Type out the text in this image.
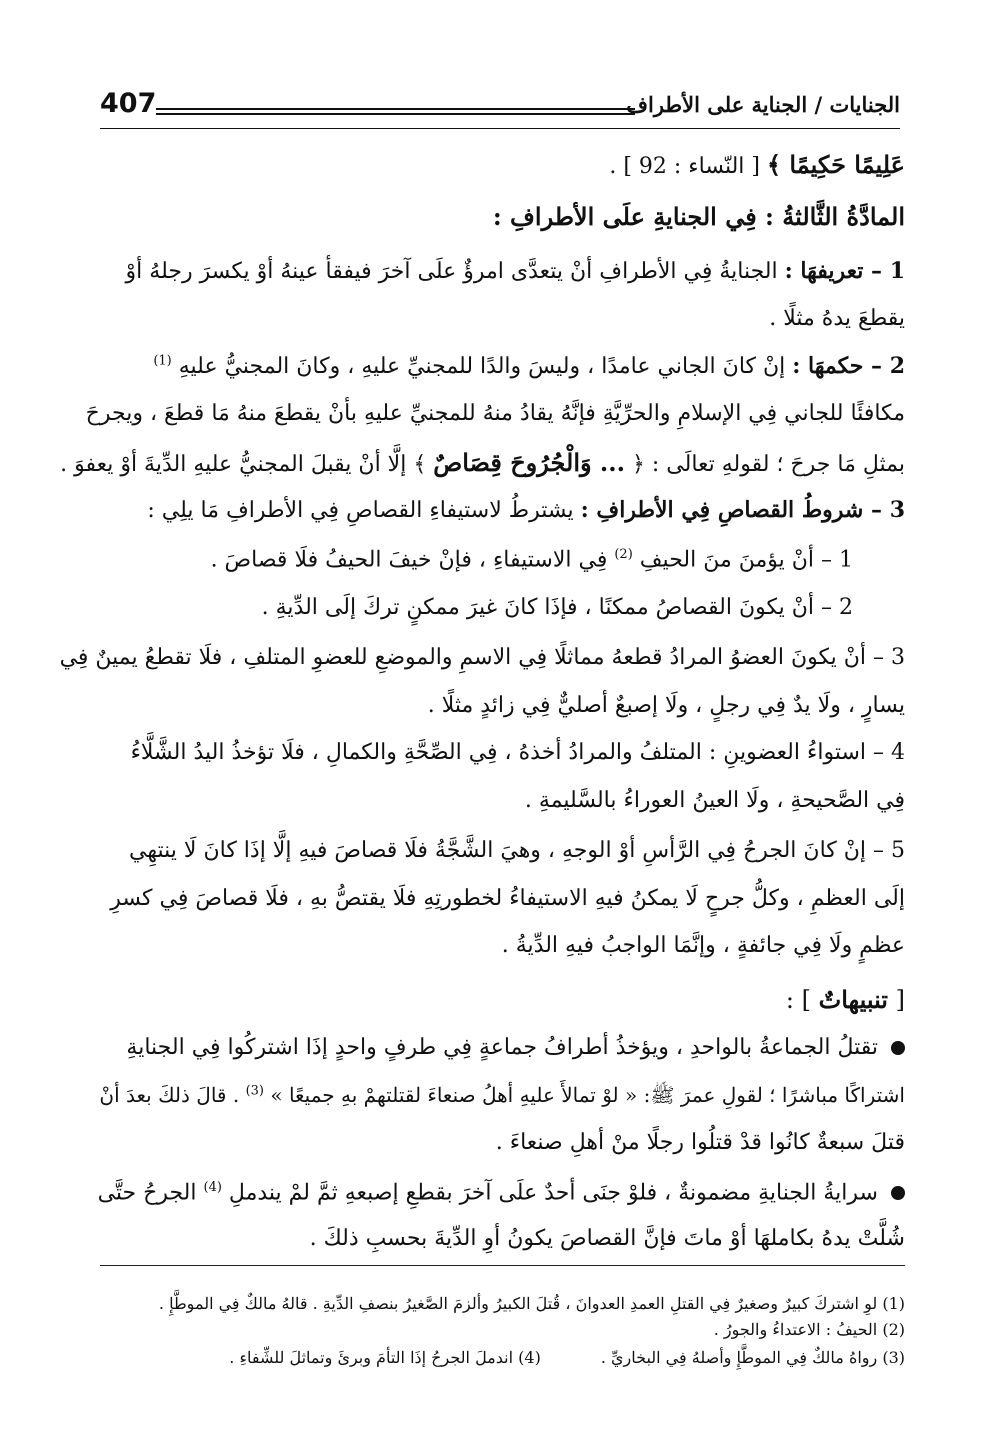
الجنايات / الجناية على الأطراف
407
عَلِيمًا حَكِيمًا ﴾ [ النّساء : 92 ] .
المادَّةُ الثَّالثةُ : فِي الجنايةِ علَى الأطرافِ :
1 – تعريفهَا : الجنايةُ فِي الأطرافِ أنْ يتعدَّى امرؤٌ علَى آخرَ فيفقأ عينهُ أوْ يكسرَ رجلهُ أوْ
يقطعَ يدهُ مثلًا .
2 – حكمهَا : إنْ كانَ الجاني عامدًا ، وليسَ والدًا للمجنيِّ عليهِ ، وكانَ المجنيُّ عليهِ $^{(1)}$
مكافئًا للجاني فِي الإسلامِ والحرِّيَّةِ فإنَّهُ يقادُ منهُ للمجنيِّ عليهِ بأنْ يقطعَ منهُ مَا قطعَ ، ويجرحَ
بمثلِ مَا جرحَ ؛ لقولهِ تعالَى : ﴿ ... وَالْجُرُوحَ قِصَاصٌ ﴾ إلَّا أنْ يقبلَ المجنيُّ عليهِ الدِّيةَ أوْ يعفوَ .
3 – شروطُ القصاصِ فِي الأطرافِ : يشترطُ لاستيفاءِ القصاصِ فِي الأطرافِ مَا يلِي :
1 – أنْ يؤمنَ منَ الحيفِ $^{(2)}$ فِي الاستيفاءِ ، فإنْ خيفَ الحيفُ فلَا قصاصَ .
2 – أنْ يكونَ القصاصُ ممكنًا ، فإذَا كانَ غيرَ ممكنٍ تركَ إلَى الدِّيةِ .
3 – أنْ يكونَ العضوُ المرادُ قطعهُ مماثلًا فِي الاسمِ والموضعِ للعضوِ المتلفِ ، فلَا تقطعُ يمينٌ فِي
يسارٍ ، ولَا يدٌ فِي رجلٍ ، ولَا إصبعٌ أصليٌّ فِي زائدٍ مثلًا .
4 – استواءُ العضوينِ : المتلفُ والمرادُ أخذهُ ، فِي الصِّحَّةِ والكمالِ ، فلَا تؤخذُ اليدُ الشَّلَّاءُ
فِي الصَّحيحةِ ، ولَا العينُ العوراءُ بالسَّليمةِ .
5 – إنْ كانَ الجرحُ فِي الرَّأسِ أوْ الوجهِ ، وهيَ الشَّجَّةُ فلَا قصاصَ فيهِ إلَّا إذَا كانَ لَا ينتهِي
إلَى العظمِ ، وكلُّ جرحٍ لَا يمكنُ فيهِ الاستيفاءُ لخطورتِهِ فلَا يقتصُّ بهِ ، فلَا قصاصَ فِي كسرِ
عظمٍ ولَا فِي جائفةٍ ، وإنَّمَا الواجبُ فيهِ الدِّيةُ .
[ تنبيهاتٌ ] :
تقتلُ الجماعةُ بالواحدِ ، ويؤخذُ أطرافُ جماعةٍ فِي طرفٍ واحدٍ إذَا اشتركُوا فِي الجنايةِ
اشتراكًا مباشرًا ؛ لقولِ عمرَ ﷺ: « لوْ تمالأَ عليهِ أهلُ صنعاءَ لقتلتهمْ بهِ جميعًا » $^{(3)}$ . قالَ ذلكَ بعدَ أنْ
قتلَ سبعةٌ كانُوا قدْ قتلُوا رجلًا منْ أهلِ صنعاءَ .
سرايةُ الجنايةِ مضمونةٌ ، فلوْ جنَى أحدٌ علَى آخرَ بقطعِ إصبعهِ ثمَّ لمْ يندملِ $^{(4)}$ الجرحُ حتَّى
شُلَّتْ يدهُ بكاملهَا أوْ ماتَ فإنَّ القصاصَ يكونُ أوِ الدِّيةَ بحسبِ ذلكَ .
(1) لوِ اشتركَ كبيرٌ وصغيرٌ فِي القتلِ العمدِ العدوانَ ، قُتلَ الكبيرُ وألزمَ الصَّغيرُ بنصفِ الدِّيةِ . قالهُ مالكٌ فِي الموطَّإِ .
(2) الحيفُ : الاعتداءُ والجورُ .
(3) رواهُ مالكٌ فِي الموطَّإِ وأصلهُ فِي البخاريِّ .
(4) اندملَ الجرحُ إذَا التأمَ وبرئَ وتماثلَ للشِّفاءِ .
